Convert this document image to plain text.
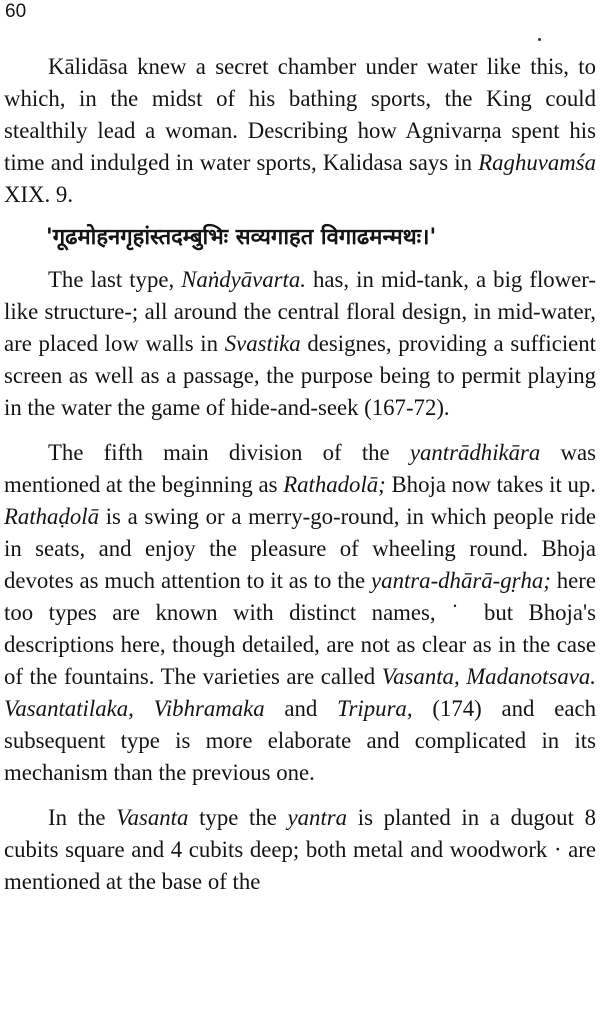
60

Kālidāsa knew a secret chamber under water like this, to which, in the midst of his bathing sports, the King could stealthily lead a woman. Describing how Agnivarṇa spent his time and indulged in water sports, Kalidasa says in Raghuvamśa XIX. 9.

'गूढमोहनगृहांस्तदम्बुभिः सव्यगाहत विगाढमन्मथः।'

The last type, Naṅdyāvarta. has, in mid-tank, a big flower-like structure-; all around the central floral design, in mid-water, are placed low walls in Svastika designes, providing a sufficient screen as well as a passage, the purpose being to permit playing in the water the game of hide-and-seek (167-72).

The fifth main division of the yantrādhikāra was mentioned at the beginning as Rathadolā; Bhoja now takes it up. Rathaḍolā is a swing or a merry-go-round, in which people ride in seats, and enjoy the pleasure of wheeling round. Bhoja devotes as much attention to it as to the yantra-dhārā-gṛha; here too types are known with distinct names, ˙ but Bhoja's descriptions here, though detailed, are not as clear as in the case of the fountains. The varieties are called Vasanta, Madanotsava. Vasantatilaka, Vibhramaka and Tripura, (174) and each subsequent type is more elaborate and complicated in its mechanism than the previous one.

In the Vasanta type the yantra is planted in a dugout 8 cubits square and 4 cubits deep; both metal and woodwork · are mentioned at the base of the
